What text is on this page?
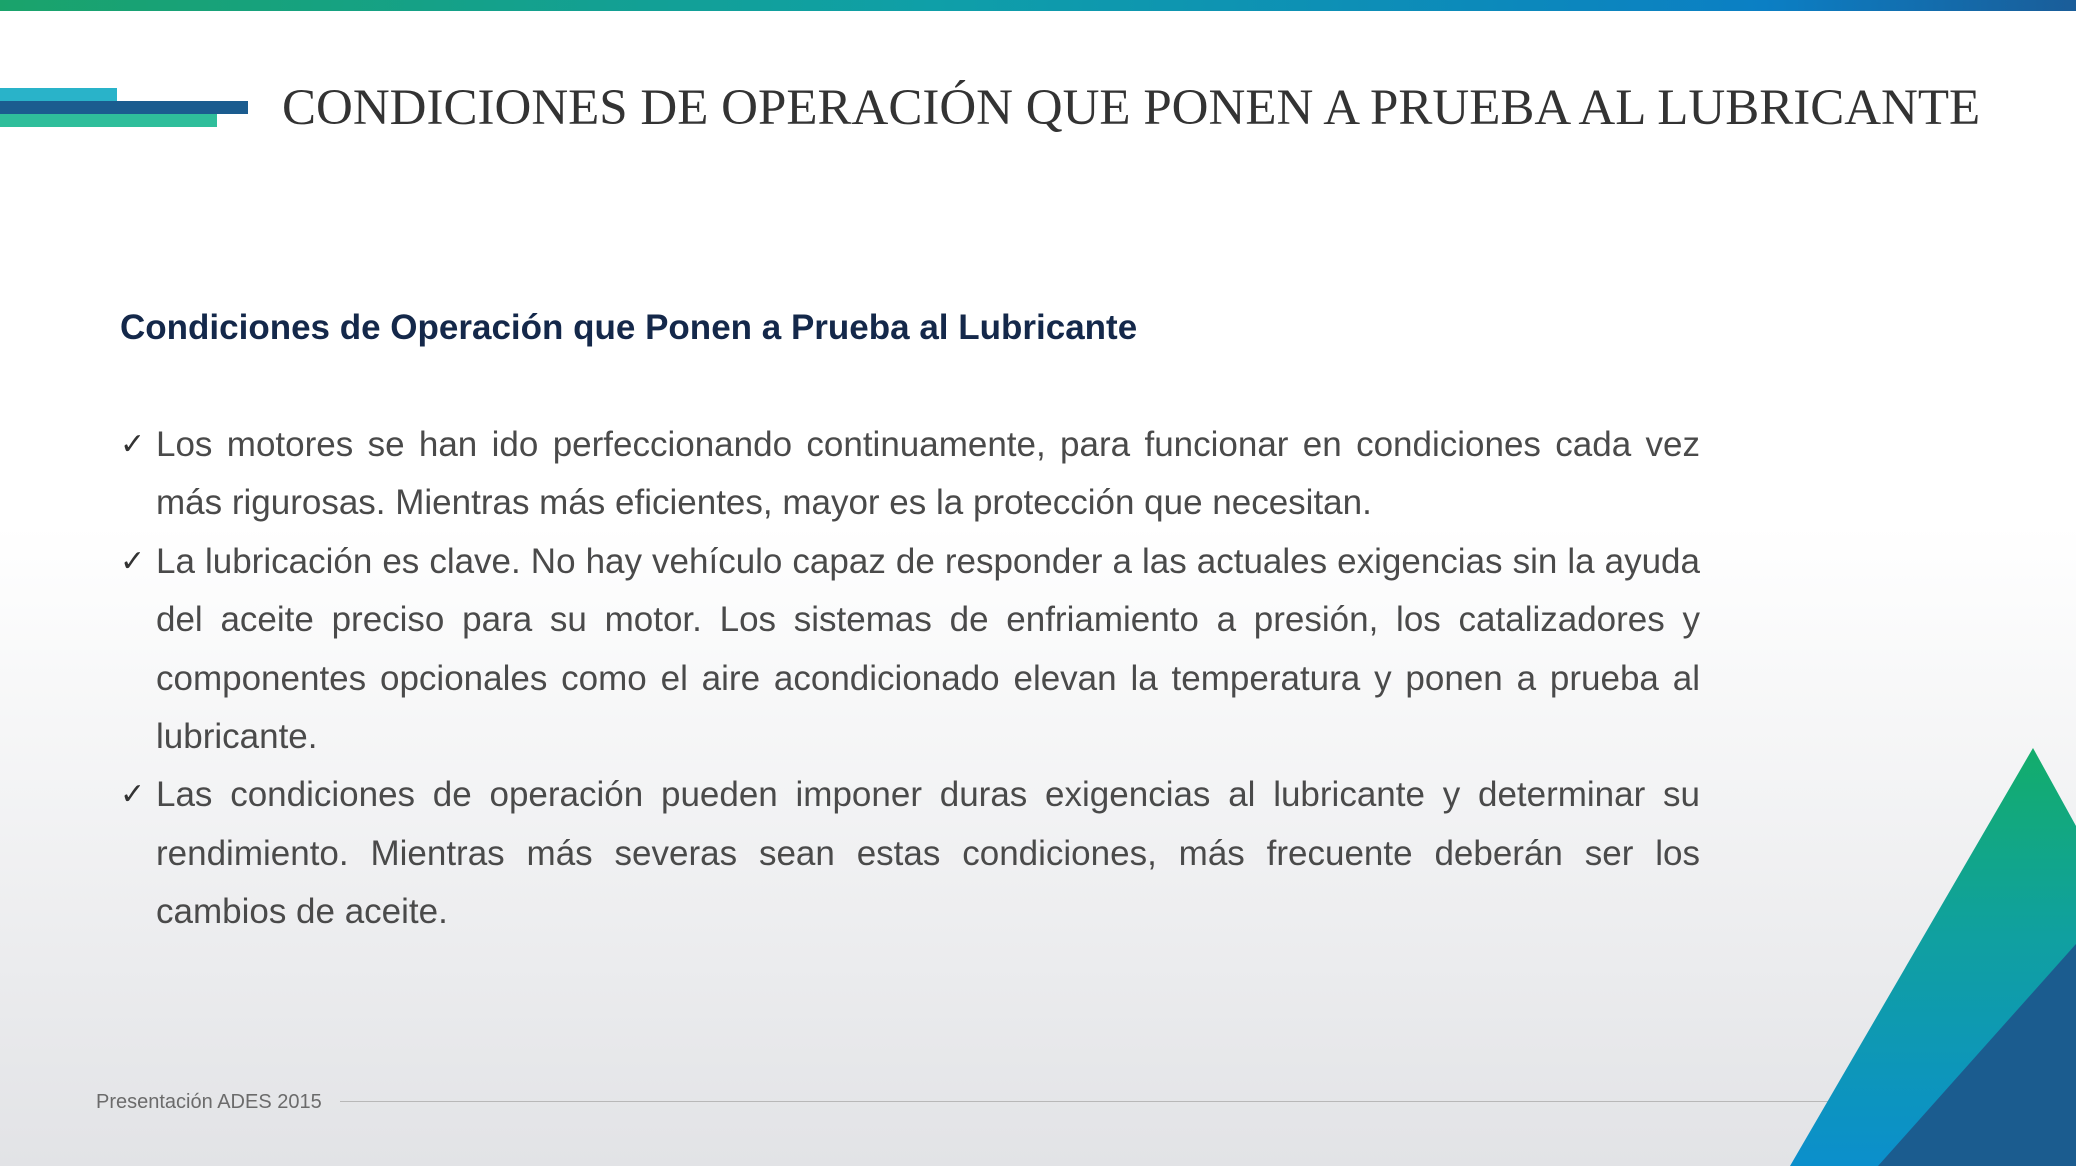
CONDICIONES DE OPERACIÓN QUE PONEN A PRUEBA AL LUBRICANTE
Condiciones de Operación que Ponen a Prueba al Lubricante
✓ Los motores se han ido perfeccionando continuamente, para funcionar en condiciones cada vez más rigurosas. Mientras más eficientes, mayor es la protección que necesitan.
✓ La lubricación es clave. No hay vehículo capaz de responder a las actuales exigencias sin la ayuda del aceite preciso para su motor. Los sistemas de enfriamiento a presión, los catalizadores y componentes opcionales como el aire acondicionado elevan la temperatura y ponen a prueba al lubricante.
✓ Las condiciones de operación pueden imponer duras exigencias al lubricante y determinar su rendimiento. Mientras más severas sean estas condiciones, más frecuente deberán ser los cambios de aceite.
Presentación ADES 2015
